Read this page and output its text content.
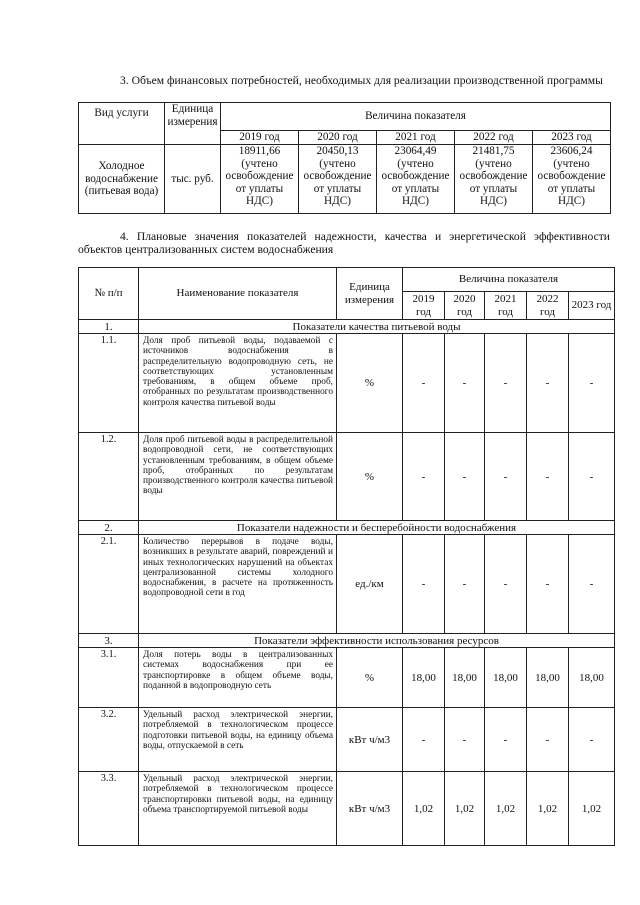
3. Объем финансовых потребностей, необходимых для реализации производственной программы
Вид услуги	Единица измерения	Величина показателя				
		2019 год	2020 год	2021 год	2022 год	2023 год
Холодное водоснабжение (питьевая вода)	тыс. руб.	18911,66 (учтено освобождение от уплаты НДС)	20450,13 (учтено освобождение от уплаты НДС)	23064,49 (учтено освобождение от уплаты НДС)	21481,75 (учтено освобождение от уплаты НДС)	23606,24 (учтено освобождение от уплаты НДС)
4. Плановые значения показателей надежности, качества и энергетической эффективности объектов централизованных систем водоснабжения
№ п/п	Наименование показателя	Единица измерения	Величина показателя				
			2019 год	2020 год	2021 год	2022 год	2023 год
1.	Показатели качества питьевой воды						
1.1.	Доля проб питьевой воды, подаваемой с источников водоснабжения в распределительную водопроводную сеть, не соответствующих установленным требованиям, в общем объеме проб, отобранных по результатам производственного контроля качества питьевой воды	%	-	-	-	-	-
1.2.	Доля проб питьевой воды в распределительной водопроводной сети, не соответствующих установленным требованиям, в общем объеме проб, отобранных по результатам производственного контроля качества питьевой воды	%	-	-	-	-	-
2.	Показатели надежности и бесперебойности водоснабжения						
2.1.	Количество перерывов в подаче воды, возникших в результате аварий, повреждений и иных технологических нарушений на объектах централизованной системы холодного водоснабжения, в расчете на протяженность водопроводной сети в год	ед./км	-	-	-	-	-
3.	Показатели эффективности использования ресурсов						
3.1.	Доля потерь воды в централизованных системах водоснабжения при ее транспортировке в общем объеме воды, поданной в водопроводную сеть	%	18,00	18,00	18,00	18,00	18,00
3.2.	Удельный расход электрической энергии, потребляемой в технологическом процессе подготовки питьевой воды, на единицу объема воды, отпускаемой в сеть	кВт ч/м3	-	-	-	-	-
3.3.	Удельный расход электрической энергии, потребляемой в технологическом процессе транспортировки питьевой воды, на единицу объема транспортируемой питьевой воды	кВт ч/м3	1,02	1,02	1,02	1,02	1,02
